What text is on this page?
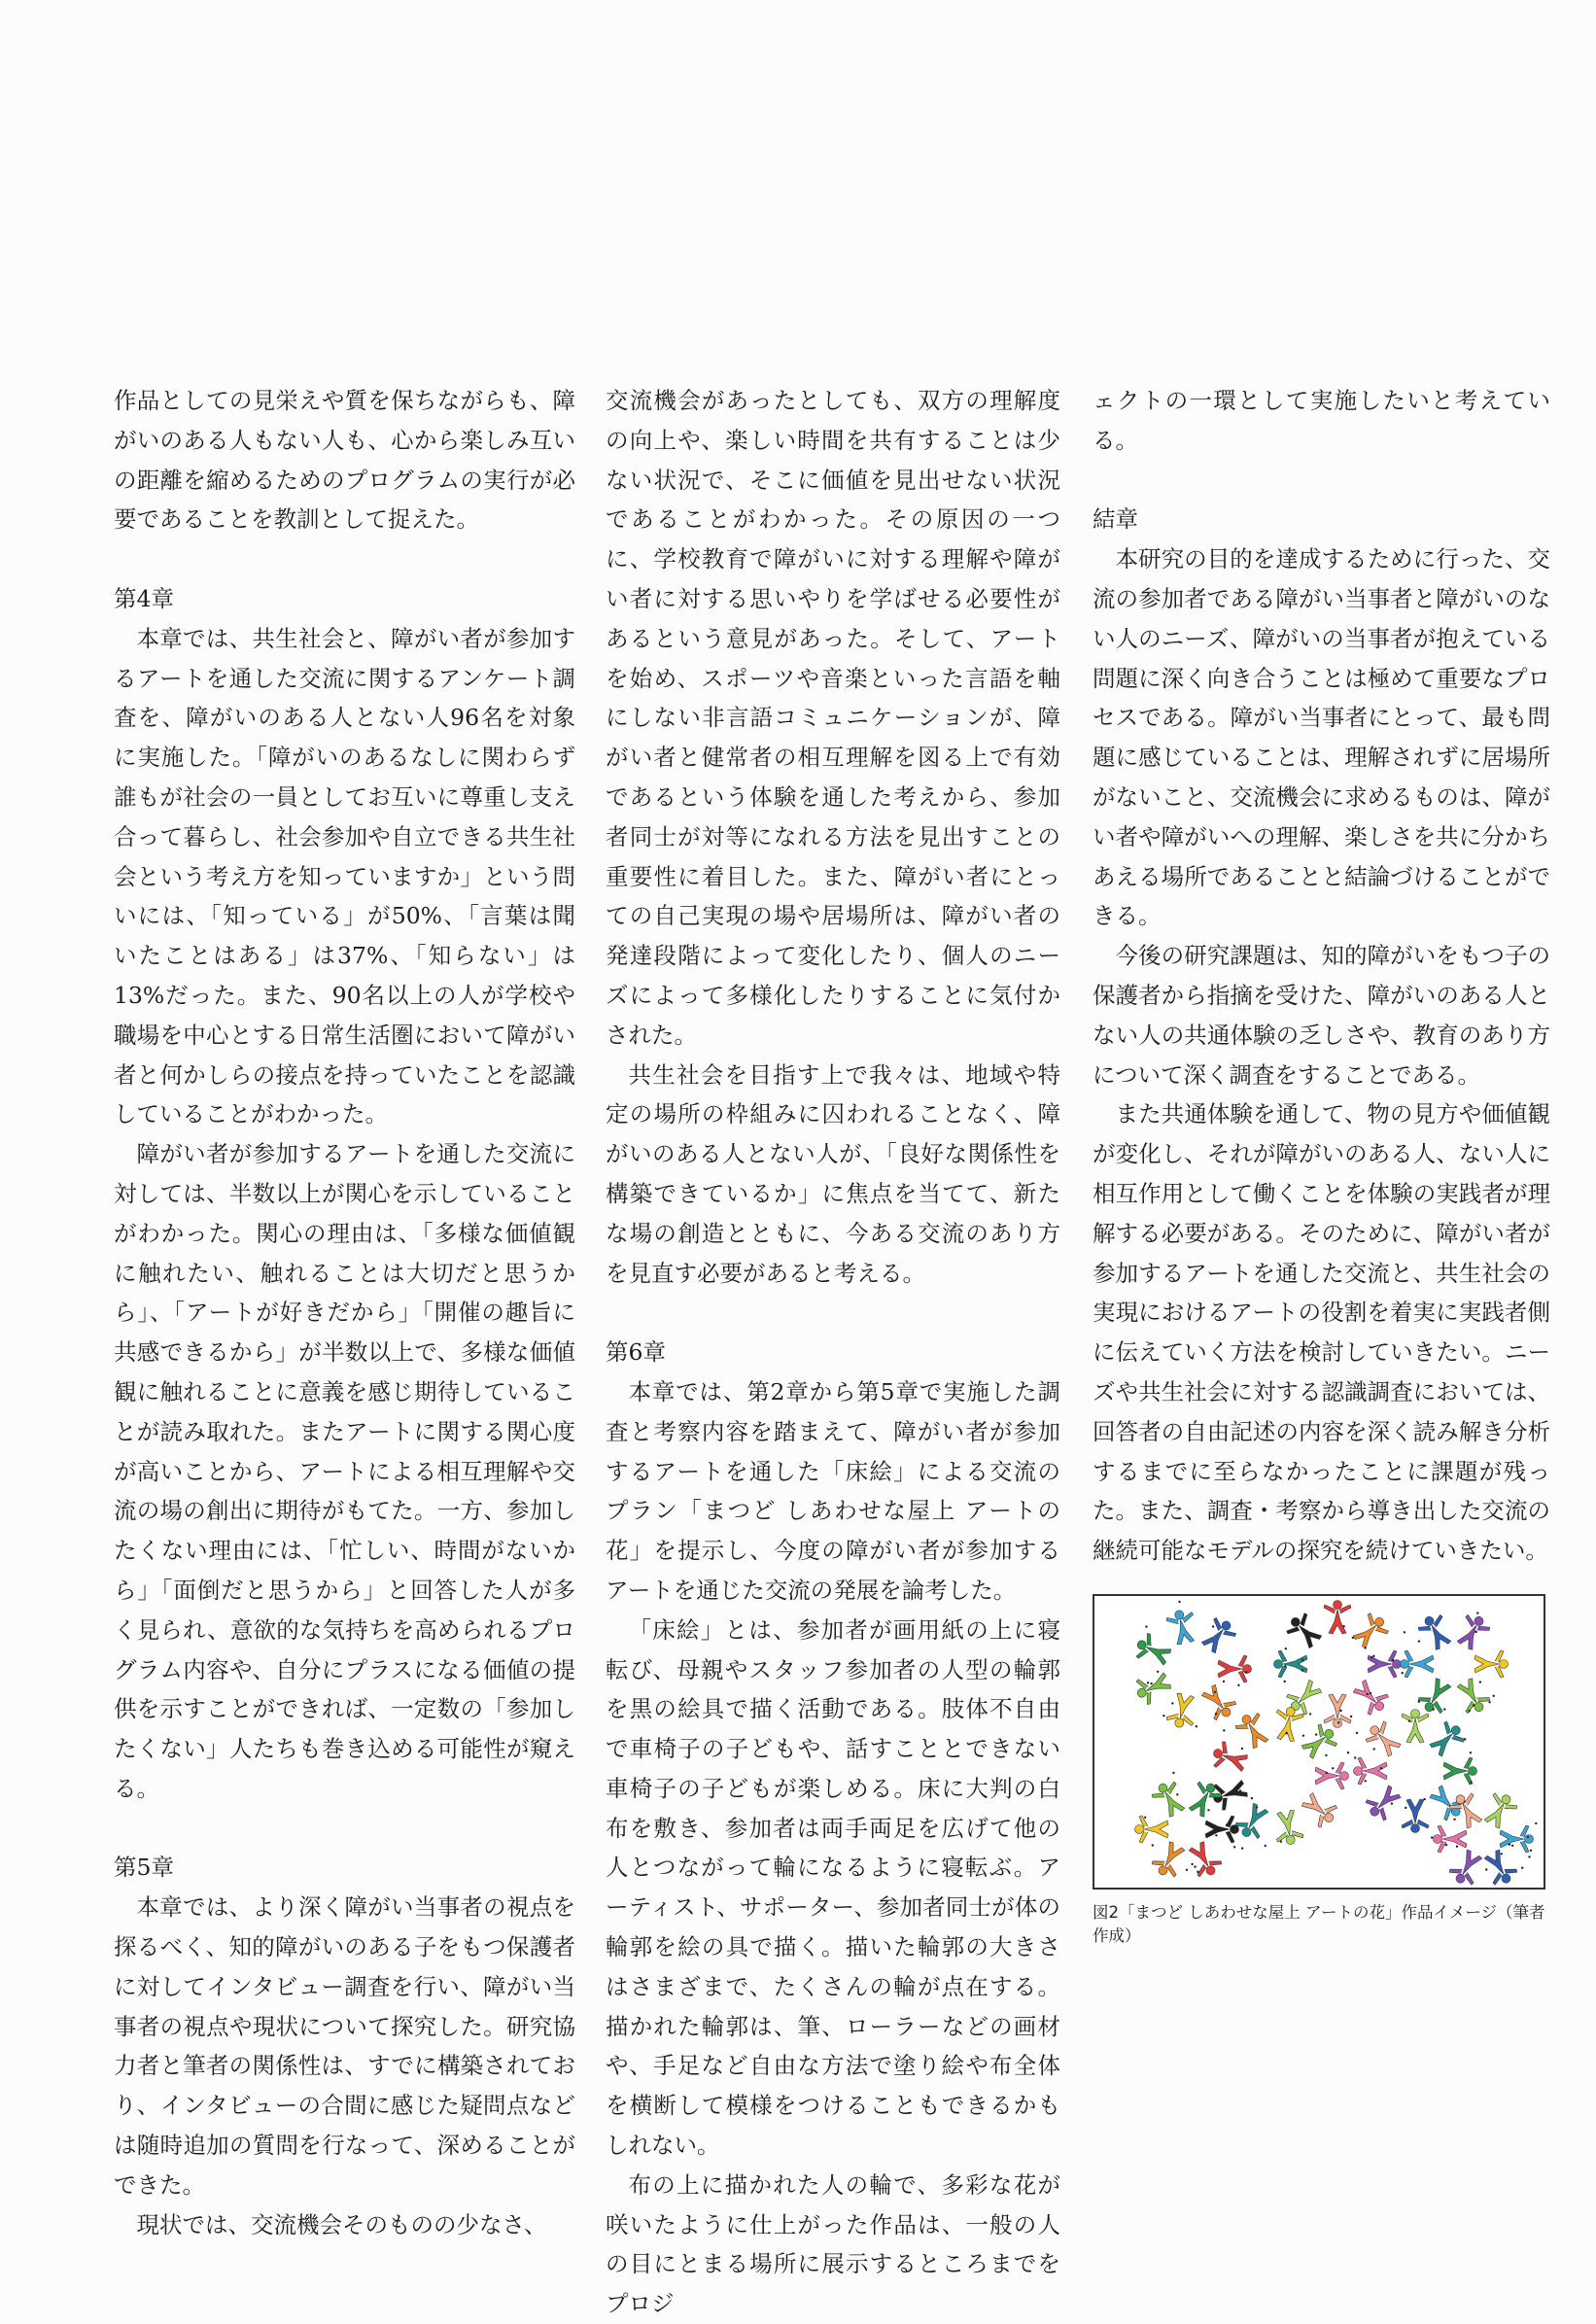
作品としての見栄えや質を保ちながらも、障がいのある人もない人も、心から楽しみ互いの距離を縮めるためのプログラムの実行が必要であることを教訓として捉えた。

第4章

本章では、共生社会と、障がい者が参加するアートを通した交流に関するアンケート調査を、障がいのある人とない人96名を対象に実施した。「障がいのあるなしに関わらず誰もが社会の一員としてお互いに尊重し支え合って暮らし、社会参加や自立できる共生社会という考え方を知っていますか」という問いには、「知っている」が50%、「言葉は聞いたことはある」は37%、「知らない」は13%だった。また、90名以上の人が学校や職場を中心とする日常生活圏において障がい者と何かしらの接点を持っていたことを認識していることがわかった。

障がい者が参加するアートを通した交流に対しては、半数以上が関心を示していることがわかった。関心の理由は、「多様な価値観に触れたい、触れることは大切だと思うから」、「アートが好きだから」「開催の趣旨に共感できるから」が半数以上で、多様な価値観に触れることに意義を感じ期待していることが読み取れた。またアートに関する関心度が高いことから、アートによる相互理解や交流の場の創出に期待がもてた。一方、参加したくない理由には、「忙しい、時間がないから」「面倒だと思うから」と回答した人が多く見られ、意欲的な気持ちを高められるプログラム内容や、自分にプラスになる価値の提供を示すことができれば、一定数の「参加したくない」人たちも巻き込める可能性が窺える。

第5章

本章では、より深く障がい当事者の視点を探るべく、知的障がいのある子をもつ保護者に対してインタビュー調査を行い、障がい当事者の視点や現状について探究した。研究協力者と筆者の関係性は、すでに構築されており、インタビューの合間に感じた疑問点などは随時追加の質問を行なって、深めることができた。

現状では、交流機会そのものの少なさ、

交流機会があったとしても、双方の理解度の向上や、楽しい時間を共有することは少ない状況で、そこに価値を見出せない状況であることがわかった。その原因の一つに、学校教育で障がいに対する理解や障がい者に対する思いやりを学ばせる必要性があるという意見があった。そして、アートを始め、スポーツや音楽といった言語を軸にしない非言語コミュニケーションが、障がい者と健常者の相互理解を図る上で有効であるという体験を通した考えから、参加者同士が対等になれる方法を見出すことの重要性に着目した。また、障がい者にとっての自己実現の場や居場所は、障がい者の発達段階によって変化したり、個人のニーズによって多様化したりすることに気付かされた。

共生社会を目指す上で我々は、地域や特定の場所の枠組みに囚われることなく、障がいのある人とない人が、「良好な関係性を構築できているか」に焦点を当てて、新たな場の創造とともに、今ある交流のあり方を見直す必要があると考える。

第6章

本章では、第2章から第5章で実施した調査と考察内容を踏まえて、障がい者が参加するアートを通した「床絵」による交流のプラン「まつど しあわせな屋上 アートの花」を提示し、今度の障がい者が参加するアートを通じた交流の発展を論考した。

「床絵」とは、参加者が画用紙の上に寝転び、母親やスタッフ参加者の人型の輪郭を黒の絵具で描く活動である。肢体不自由で車椅子の子どもや、話すこととできない車椅子の子どもが楽しめる。床に大判の白布を敷き、参加者は両手両足を広げて他の人とつながって輪になるように寝転ぶ。アーティスト、サポーター、参加者同士が体の輪郭を絵の具で描く。描いた輪郭の大きさはさまざまで、たくさんの輪が点在する。描かれた輪郭は、筆、ローラーなどの画材や、手足など自由な方法で塗り絵や布全体を横断して模様をつけることもできるかもしれない。

布の上に描かれた人の輪で、多彩な花が咲いたように仕上がった作品は、一般の人の目にとまる場所に展示するところまでをプロジ

ェクトの一環として実施したいと考えている。

結章

本研究の目的を達成するために行った、交流の参加者である障がい当事者と障がいのない人のニーズ、障がいの当事者が抱えている問題に深く向き合うことは極めて重要なプロセスである。障がい当事者にとって、最も問題に感じていることは、理解されずに居場所がないこと、交流機会に求めるものは、障がい者や障がいへの理解、楽しさを共に分かちあえる場所であることと結論づけることができる。

今後の研究課題は、知的障がいをもつ子の保護者から指摘を受けた、障がいのある人とない人の共通体験の乏しさや、教育のあり方について深く調査をすることである。

また共通体験を通して、物の見方や価値観が変化し、それが障がいのある人、ない人に相互作用として働くことを体験の実践者が理解する必要がある。そのために、障がい者が参加するアートを通した交流と、共生社会の実現におけるアートの役割を着実に実践者側に伝えていく方法を検討していきたい。ニーズや共生社会に対する認識調査においては、回答者の自由記述の内容を深く読み解き分析するまでに至らなかったことに課題が残った。また、調査・考察から導き出した交流の継続可能なモデルの探究を続けていきたい。

図2「まつど しあわせな屋上 アートの花」作品イメージ（筆者作成）
